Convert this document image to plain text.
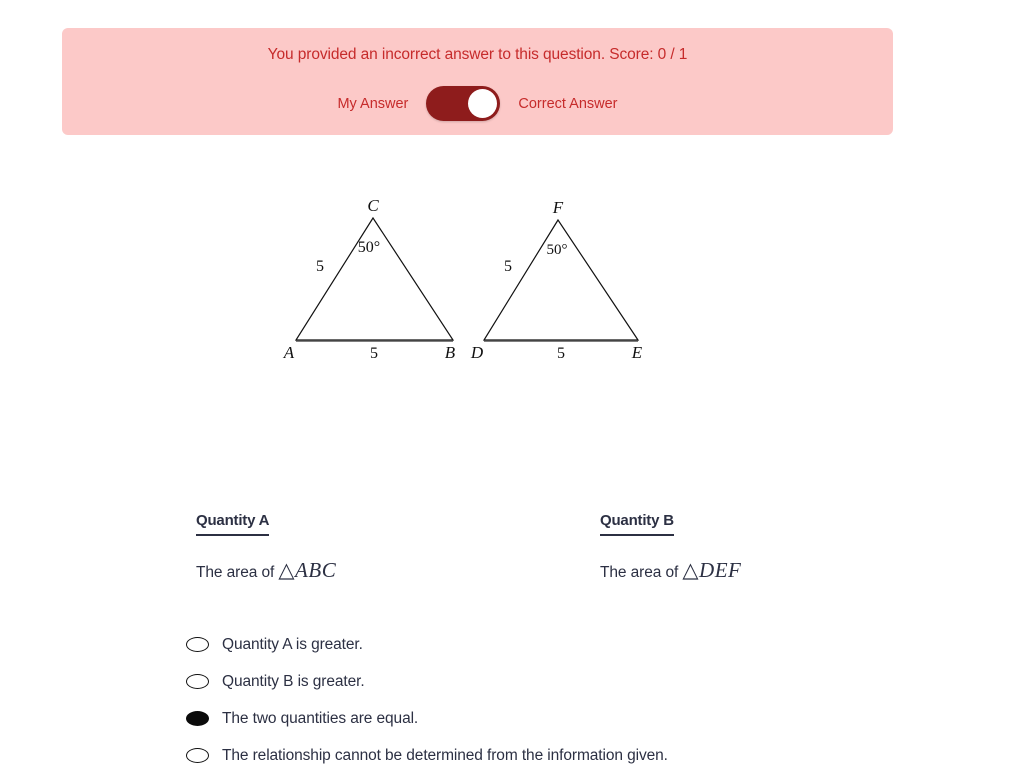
You provided an incorrect answer to this question. Score: 0 / 1
My Answer	Correct Answer
C
A	B
50°
5
5
F
D	E
50°
5
5
Quantity A
The area of △ABC
Quantity B
The area of △DEF
Quantity A is greater.
Quantity B is greater.
The two quantities are equal.
The relationship cannot be determined from the information given.
